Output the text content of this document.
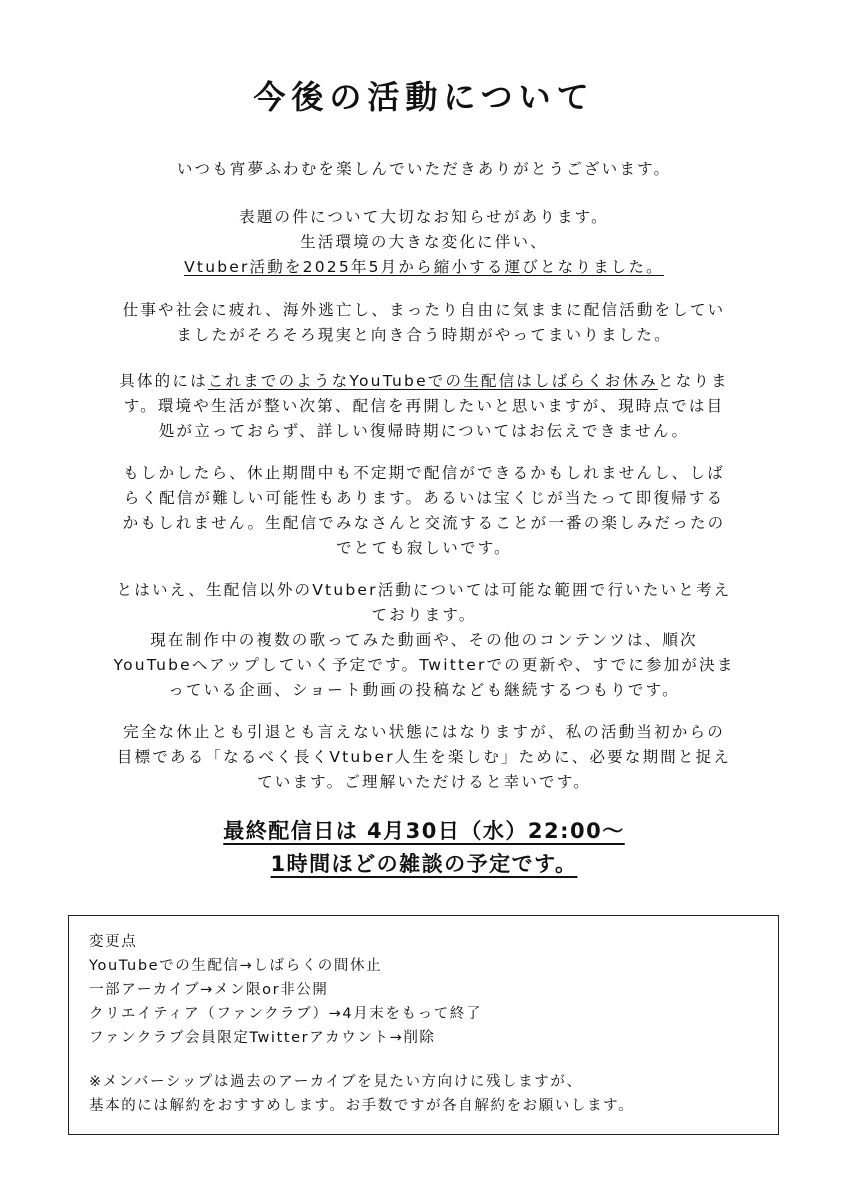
今後の活動について
いつも宵夢ふわむを楽しんでいただきありがとうございます。
表題の件について大切なお知らせがあります。
生活環境の大きな変化に伴い、
Vtuber活動を2025年5月から縮小する運びとなりました。
仕事や社会に疲れ、海外逃亡し、まったり自由に気ままに配信活動をしてい
ましたがそろそろ現実と向き合う時期がやってまいりました。
具体的にはこれまでのようなYouTubeでの生配信はしばらくお休みとなりま
す。環境や生活が整い次第、配信を再開したいと思いますが、現時点では目
処が立っておらず、詳しい復帰時期についてはお伝えできません。
もしかしたら、休止期間中も不定期で配信ができるかもしれませんし、しば
らく配信が難しい可能性もあります。あるいは宝くじが当たって即復帰する
かもしれません。生配信でみなさんと交流することが一番の楽しみだったの
でとても寂しいです。
とはいえ、生配信以外のVtuber活動については可能な範囲で行いたいと考え
ております。
現在制作中の複数の歌ってみた動画や、その他のコンテンツは、順次
YouTubeへアップしていく予定です。Twitterでの更新や、すでに参加が決ま
っている企画、ショート動画の投稿なども継続するつもりです。
完全な休止とも引退とも言えない状態にはなりますが、私の活動当初からの
目標である「なるべく長くVtuber人生を楽しむ」ために、必要な期間と捉え
ています。ご理解いただけると幸いです。
最終配信日は 4月30日（水）22:00～
1時間ほどの雑談の予定です。
変更点
YouTubeでの生配信→しばらくの間休止
一部アーカイブ→メン限or非公開
クリエイティア（ファンクラブ）→4月末をもって終了
ファンクラブ会員限定Twitterアカウント→削除
※メンバーシップは過去のアーカイブを見たい方向けに残しますが、
基本的には解約をおすすめします。お手数ですが各自解約をお願いします。
